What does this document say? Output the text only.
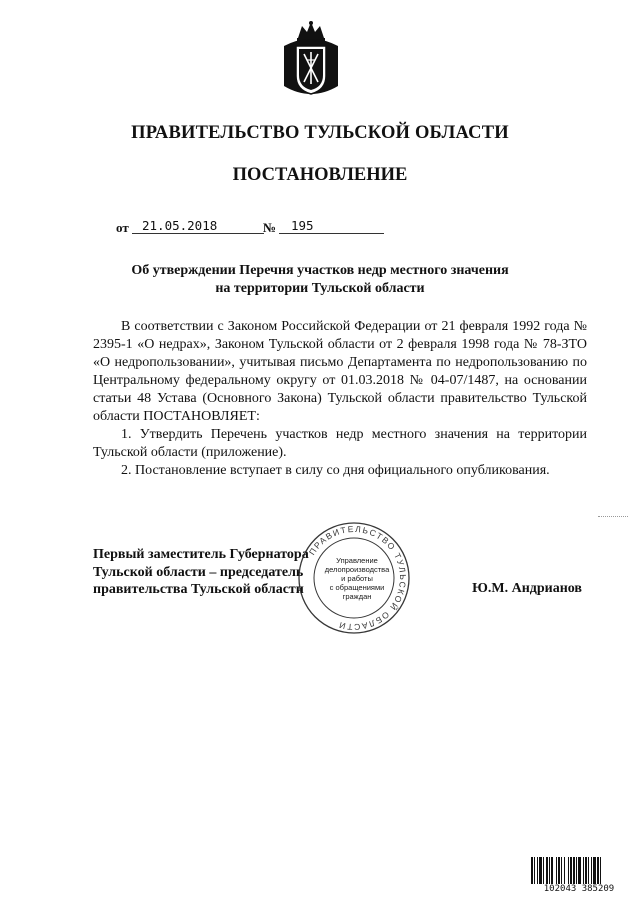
ПРАВИТЕЛЬСТВО ТУЛЬСКОЙ ОБЛАСТИ
ПОСТАНОВЛЕНИЕ
от	21.05.2018	№	195
Об утверждении Перечня участков недр местного значения
на территории Тульской области

В соответствии с Законом Российской Федерации от 21 февраля 1992 года № 2395-1 «О недрах», Законом Тульской области от 2 февраля 1998 года № 78-ЗТО «О недропользовании», учитывая письмо Департамента по недропользованию по Центральному федеральному округу от 01.03.2018 № 04-07/1487, на основании статьи 48 Устава (Основного Закона) Тульской области правительство Тульской области ПОСТАНОВЛЯЕТ:

1. Утвердить Перечень участков недр местного значения на территории Тульской области (приложение).

2. Постановление вступает в силу со дня официального опубликования.

Первый заместитель Губернатора
Тульской области – председатель
правительства Тульской области
ПРАВИТЕЛЬСТВО ТУЛЬСКОЙ ОБЛАСТИ
Управление
делопроизводства
и работы
с обращениями
граждан
Ю.М. Андрианов
102043 385209
